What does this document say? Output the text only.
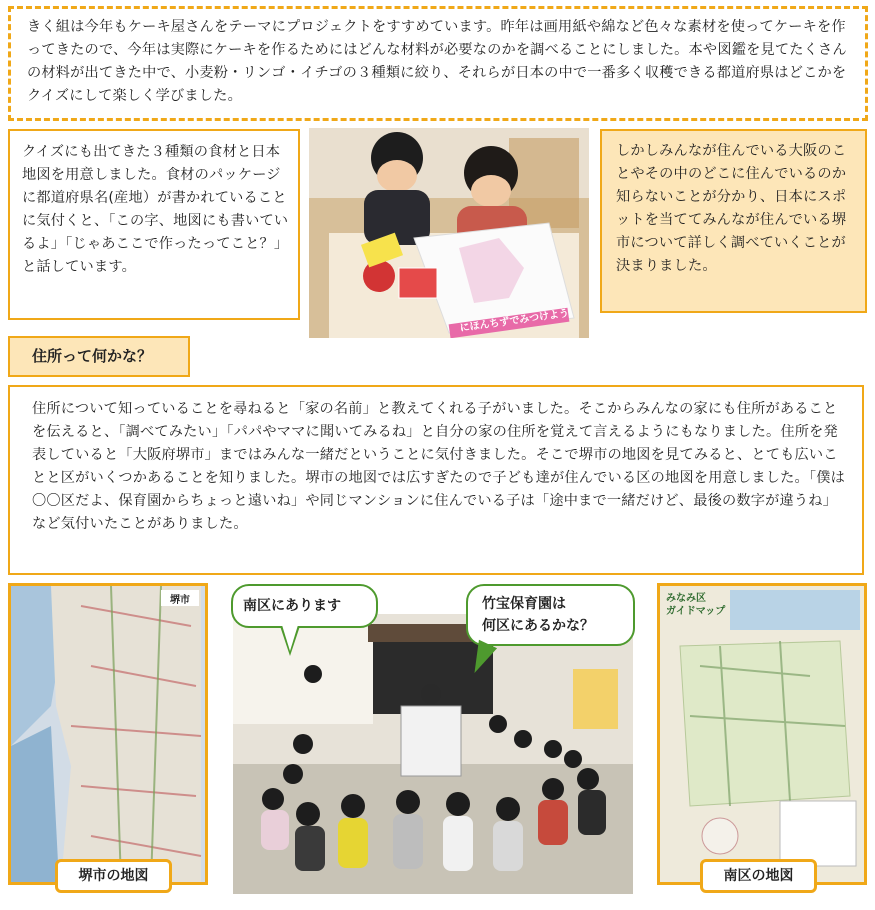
きく組は今年もケーキ屋さんをテーマにプロジェクトをすすめています。昨年は画用紙や綿など色々な素材を使ってケーキを作ってきたので、今年は実際にケーキを作るためにはどんな材料が必要なのかを調べることにしました。本や図鑑を見てたくさんの材料が出てきた中で、小麦粉・リンゴ・イチゴの３種類に絞り、それらが日本の中で一番多く収穫できる都道府県はどこかをクイズにして楽しく学びました。
クイズにも出てきた３種類の食材と日本地図を用意しました。食材のパッケージに都道府県名(産地）が書かれていることに気付くと、「この字、地図にも書いているよ」「じゃあここで作ったってこと？」と話しています。
にほんちずでみつけよう
しかしみんなが住んでいる大阪のことやその中のどこに住んでいるのか知らないことが分かり、日本にスポットを当ててみんなが住んでいる堺市について詳しく調べていくことが決まりました。
住所って何かな？
住所について知っていることを尋ねると「家の名前」と教えてくれる子がいました。そこからみんなの家にも住所があることを伝えると、「調べてみたい」「パパやママに聞いてみるね」と自分の家の住所を覚えて言えるようにもなりました。住所を発表していると「大阪府堺市」まではみんな一緒だということに気付きました。そこで堺市の地図を見てみると、とても広いことと区がいくつかあることを知りました。堺市の地図では広すぎたので子ども達が住んでいる区の地図を用意しました。「僕は〇〇区だよ、保育園からちょっと遠いね」や同じマンションに住んでいる子は「途中まで一緒だけど、最後の数字が違うね」など気付いたことがありました。
堺市
堺市の地図
南区にあります	竹宝保育園は
何区にあるかな？
みなみ区
ガイドマップ
南区の地図
